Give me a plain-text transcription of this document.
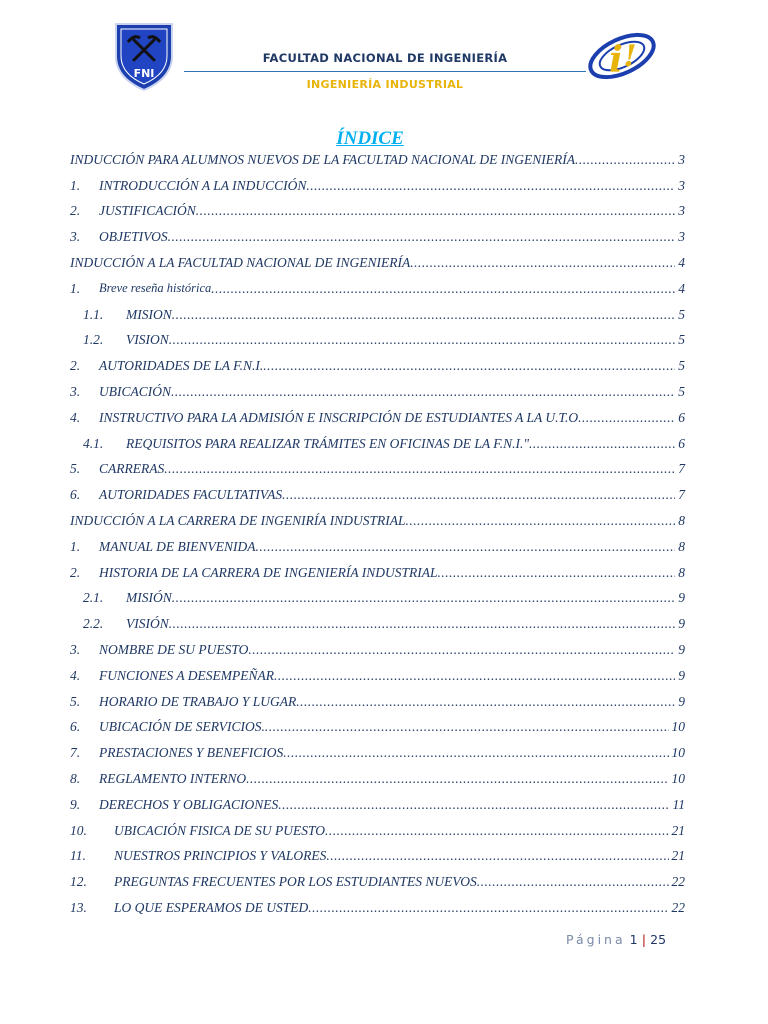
FNI
FACULTAD NACIONAL DE INGENIERÍA
INGENIERÍA INDUSTRIAL
i !
ÍNDICE
INDUCCIÓN PARA ALUMNOS NUEVOS DE LA FACULTAD NACIONAL DE INGENIERÍA .....	3
1.	INTRODUCCIÓN A LA INDUCCIÓN .....	3
2.	JUSTIFICACIÓN .....	3
3.	OBJETIVOS .....	3
INDUCCIÓN A LA FACULTAD NACIONAL DE INGENIERÍA .....	4
1.	Breve reseña histórica .....	4
1.1.	MISION .....	5
1.2.	VISION .....	5
2.	AUTORIDADES DE LA F.N.I. .....	5
3.	UBICACIÓN .....	5
4.	INSTRUCTIVO PARA LA ADMISIÓN E INSCRIPCIÓN DE ESTUDIANTES A LA U.T.O .....	6
4.1.	REQUISITOS PARA REALIZAR TRÁMITES EN OFICINAS DE LA F.N.I." .....	6
5.	CARRERAS .....	7
6.	AUTORIDADES FACULTATIVAS .....	7
INDUCCIÓN A LA CARRERA DE INGENIRÍA INDUSTRIAL .....	8
1.	MANUAL DE BIENVENIDA .....	8
2.	HISTORIA DE LA CARRERA DE INGENIERÍA INDUSTRIAL .....	8
2.1.	MISIÓN .....	9
2.2.	VISIÓN .....	9
3.	NOMBRE DE SU PUESTO .....	9
4.	FUNCIONES A DESEMPEÑAR .....	9
5.	HORARIO DE TRABAJO Y LUGAR .....	9
6.	UBICACIÓN DE SERVICIOS. .....	10
7.	PRESTACIONES Y BENEFICIOS .....	10
8.	REGLAMENTO INTERNO .....	10
9.	DERECHOS Y OBLIGACIONES .....	11
10.	UBICACIÓN FISICA DE SU PUESTO .....	21
11.	NUESTROS PRINCIPIOS Y VALORES .....	21
12.	PREGUNTAS FRECUENTES POR LOS ESTUDIANTES NUEVOS .....	22
13.	LO QUE ESPERAMOS DE USTED .....	22
Página 1 | 25
